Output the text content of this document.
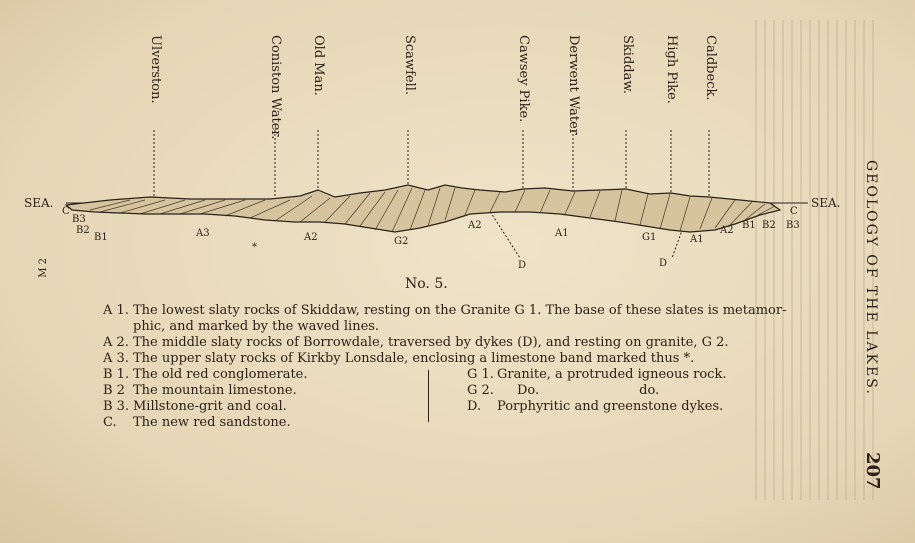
GEOLOGY OF THE LAKES.
207
M 2
Ulverston.	Coniston Water. Old Man.	Scawfell.	Cawsey Pike.	Derwent Water	Skiddaw. High Pike. Caldbeck.
C
B3
B2
B1	A3
*
A2	G2
A2
D
A1	G1	A1
D
A2 B1 B2 B3
C
SEA.	SEA.
No. 5.
A 1. The lowest slaty rocks of Skiddaw, resting on the Granite G 1. The base of these slates is metamor-
phic, and marked by the waved lines.
A 2. The middle slaty rocks of Borrowdale, traversed by dykes (D), and resting on granite, G 2.
A 3. The upper slaty rocks of Kirkby Lonsdale, enclosing a limestone band marked thus *.
B 1. The old red conglomerate.
B 2 The mountain limestone.
B 3. Millstone-grit and coal.
C. The new red sandstone.
G 1. Granite, a protruded igneous rock.
G 2. Do.	do.
D. Porphyritic and greenstone dykes.
